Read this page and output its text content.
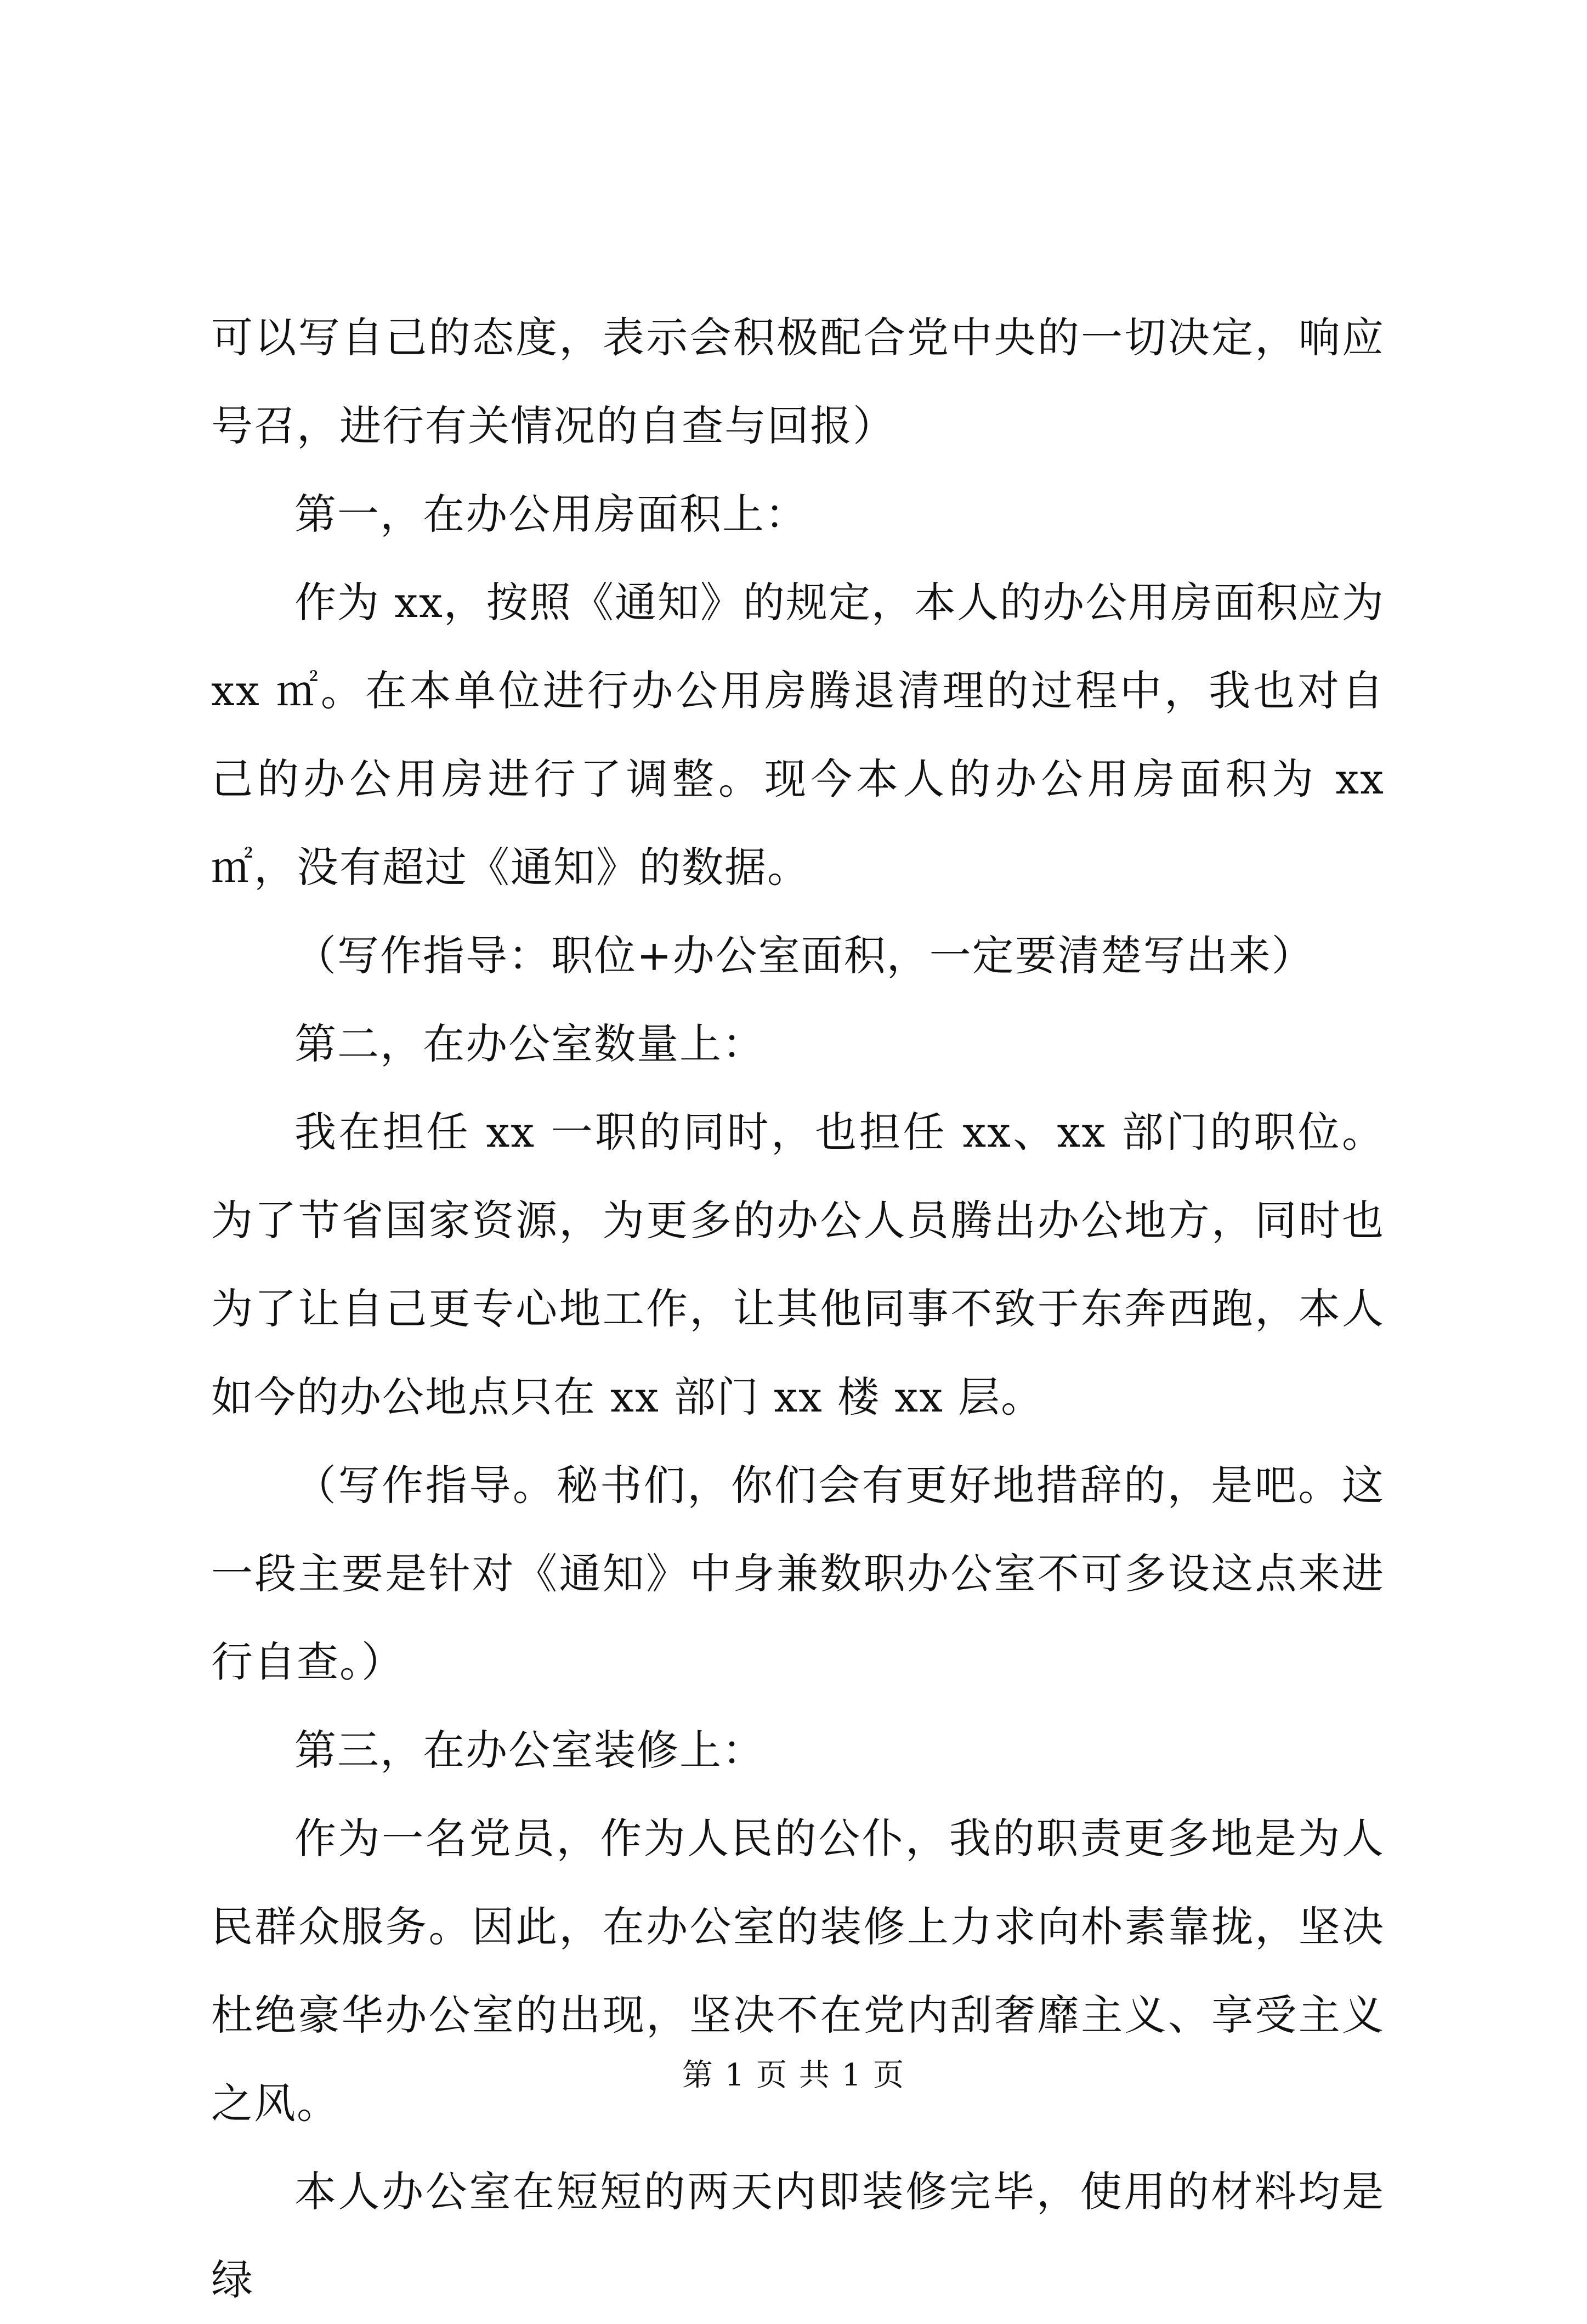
可以写自己的态度，表示会积极配合党中央的一切决定，响应号召，进行有关情况的自查与回报）

第一，在办公用房面积上：

作为 xx，按照《通知》的规定，本人的办公用房面积应为 xx ㎡。在本单位进行办公用房腾退清理的过程中，我也对自己的办公用房进行了调整。现今本人的办公用房面积为 xx㎡，没有超过《通知》的数据。

（写作指导：职位+办公室面积，一定要清楚写出来）

第二，在办公室数量上：

我在担任 xx 一职的同时，也担任 xx、xx 部门的职位。为了节省国家资源，为更多的办公人员腾出办公地方，同时也为了让自己更专心地工作，让其他同事不致于东奔西跑，本人如今的办公地点只在 xx 部门 xx 楼 xx 层。

（写作指导。秘书们，你们会有更好地措辞的，是吧。这一段主要是针对《通知》中身兼数职办公室不可多设这点来进行自查。）

第三，在办公室装修上：

作为一名党员，作为人民的公仆，我的职责更多地是为人民群众服务。因此，在办公室的装修上力求向朴素靠拢，坚决杜绝豪华办公室的出现，坚决不在党内刮奢靡主义、享受主义之风。

本人办公室在短短的两天内即装修完毕，使用的材料均是绿

第 1 页 共 1 页
